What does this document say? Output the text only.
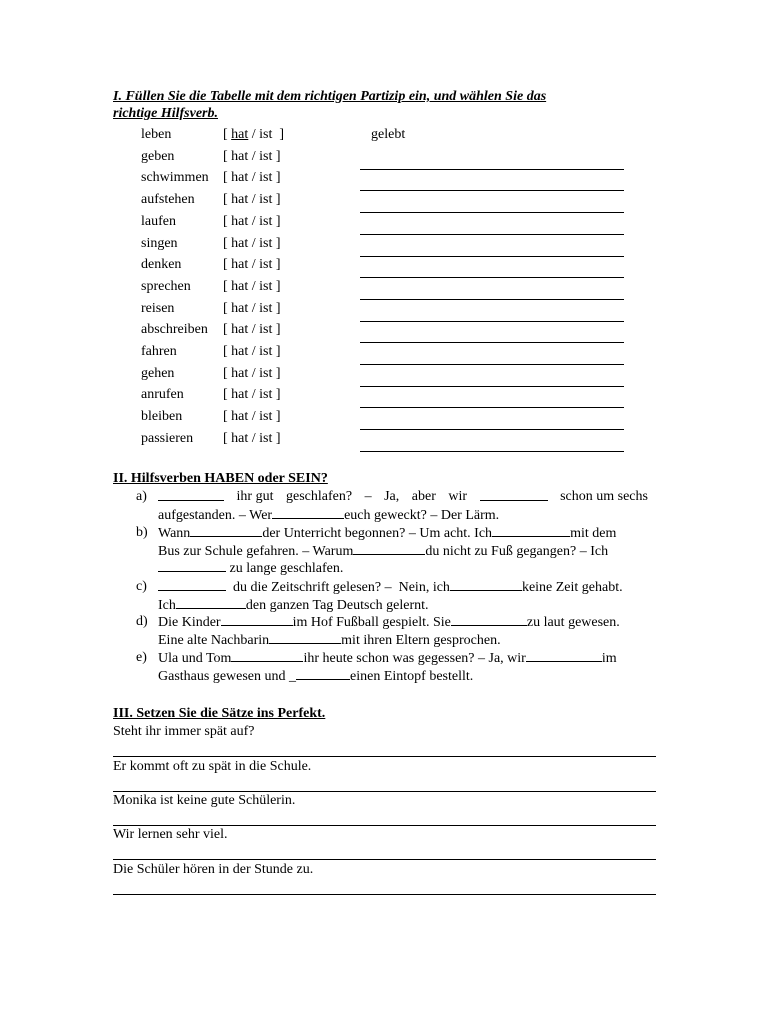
I. Füllen Sie die Tabelle mit dem richtigen Partizip ein, und wählen Sie das
richtige Hilfsverb.
leben	[ hat / ist  ]	gelebt
geben	[ hat / ist ]
schwimmen [ hat / ist ]
aufstehen [ hat / ist ]
laufen	[ hat / ist ]
singen	[ hat / ist ]
denken	[ hat / ist ]
sprechen [ hat / ist ]
reisen	[ hat / ist ]
abschreiben [ hat / ist ]
fahren	[ hat / ist ]
gehen	[ hat / ist ]
anrufen	[ hat / ist ]
bleiben	[ hat / ist ]
passieren [ hat / ist ]
II. Hilfsverben HABEN oder SEIN?
a)	ihr gut geschlafen? – Ja, aber wir	schon um sechs
aufgestanden. – Wer	euch geweckt? – Der Lärm.
b) Wann	der Unterricht begonnen? – Um acht. Ich	mit dem
Bus zur Schule gefahren. – Warum	du nicht zu Fuß gegangen? – Ich
zu lange geschlafen.
c)	du die Zeitschrift gelesen? – Nein, ich	keine Zeit gehabt.
Ich	den ganzen Tag Deutsch gelernt.
d) Die Kinder	im Hof Fußball gespielt. Sie	zu laut gewesen.
Eine alte Nachbarin	mit ihren Eltern gesprochen.
e) Ula und Tom	ihr heute schon was gegessen? – Ja, wir	im
Gasthaus gewesen und _	einen Eintopf bestellt.
III. Setzen Sie die Sätze ins Perfekt.
Steht ihr immer spät auf?
Er kommt oft zu spät in die Schule.
Monika ist keine gute Schülerin.
Wir lernen sehr viel.
Die Schüler hören in der Stunde zu.
